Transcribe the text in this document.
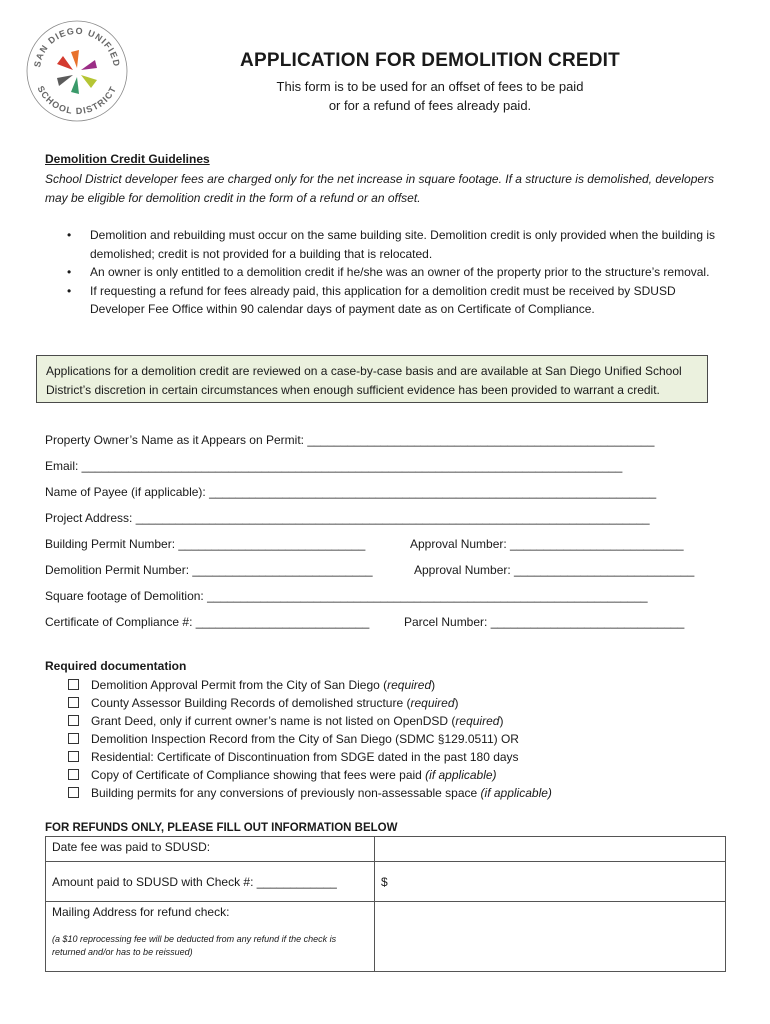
SAN DIEGO UNIFIED
SCHOOL DISTRICT
APPLICATION FOR DEMOLITION CREDIT
This form is to be used for an offset of fees to be paid
or for a refund of fees already paid.
Demolition Credit Guidelines
School District developer fees are charged only for the net increase in square footage. If a structure is demolished, developers may be eligible for demolition credit in the form of a refund or an offset.
• Demolition and rebuilding must occur on the same building site. Demolition credit is only provided when the building is demolished; credit is not provided for a building that is relocated.
• An owner is only entitled to a demolition credit if he/she was an owner of the property prior to the structure’s removal.
• If requesting a refund for fees already paid, this application for a demolition credit must be received by SDUSD Developer Fee Office within 90 calendar days of payment date as on Certificate of Compliance.
Applications for a demolition credit are reviewed on a case-by-case basis and are available at San Diego Unified School District’s discretion in certain circumstances when enough sufficient evidence has been provided to warrant a credit.
Property Owner’s Name as it Appears on Permit: ____________________________________________________
Email: _________________________________________________________________________________
Name of Payee (if applicable): ___________________________________________________________________
Project Address: _____________________________________________________________________________
Building Permit Number: ____________________________	Approval Number: __________________________
Demolition Permit Number: ___________________________	Approval Number: ___________________________
Square footage of Demolition: __________________________________________________________________
Certificate of Compliance #: __________________________	Parcel Number: _____________________________
Required documentation
Demolition Approval Permit from the City of San Diego (required)
County Assessor Building Records of demolished structure (required)
Grant Deed, only if current owner’s name is not listed on OpenDSD (required)
Demolition Inspection Record from the City of San Diego (SDMC §129.0511) OR
Residential: Certificate of Discontinuation from SDGE dated in the past 180 days
Copy of Certificate of Compliance showing that fees were paid (if applicable)
Building permits for any conversions of previously non-assessable space (if applicable)
FOR REFUNDS ONLY, PLEASE FILL OUT INFORMATION BELOW
Date fee was paid to SDUSD:	
Amount paid to SDUSD with Check #: ____________	$

Mailing Address for refund check:
(a $10 reprocessing fee will be deducted from any refund if the check is returned and/or has to be reissued)	
